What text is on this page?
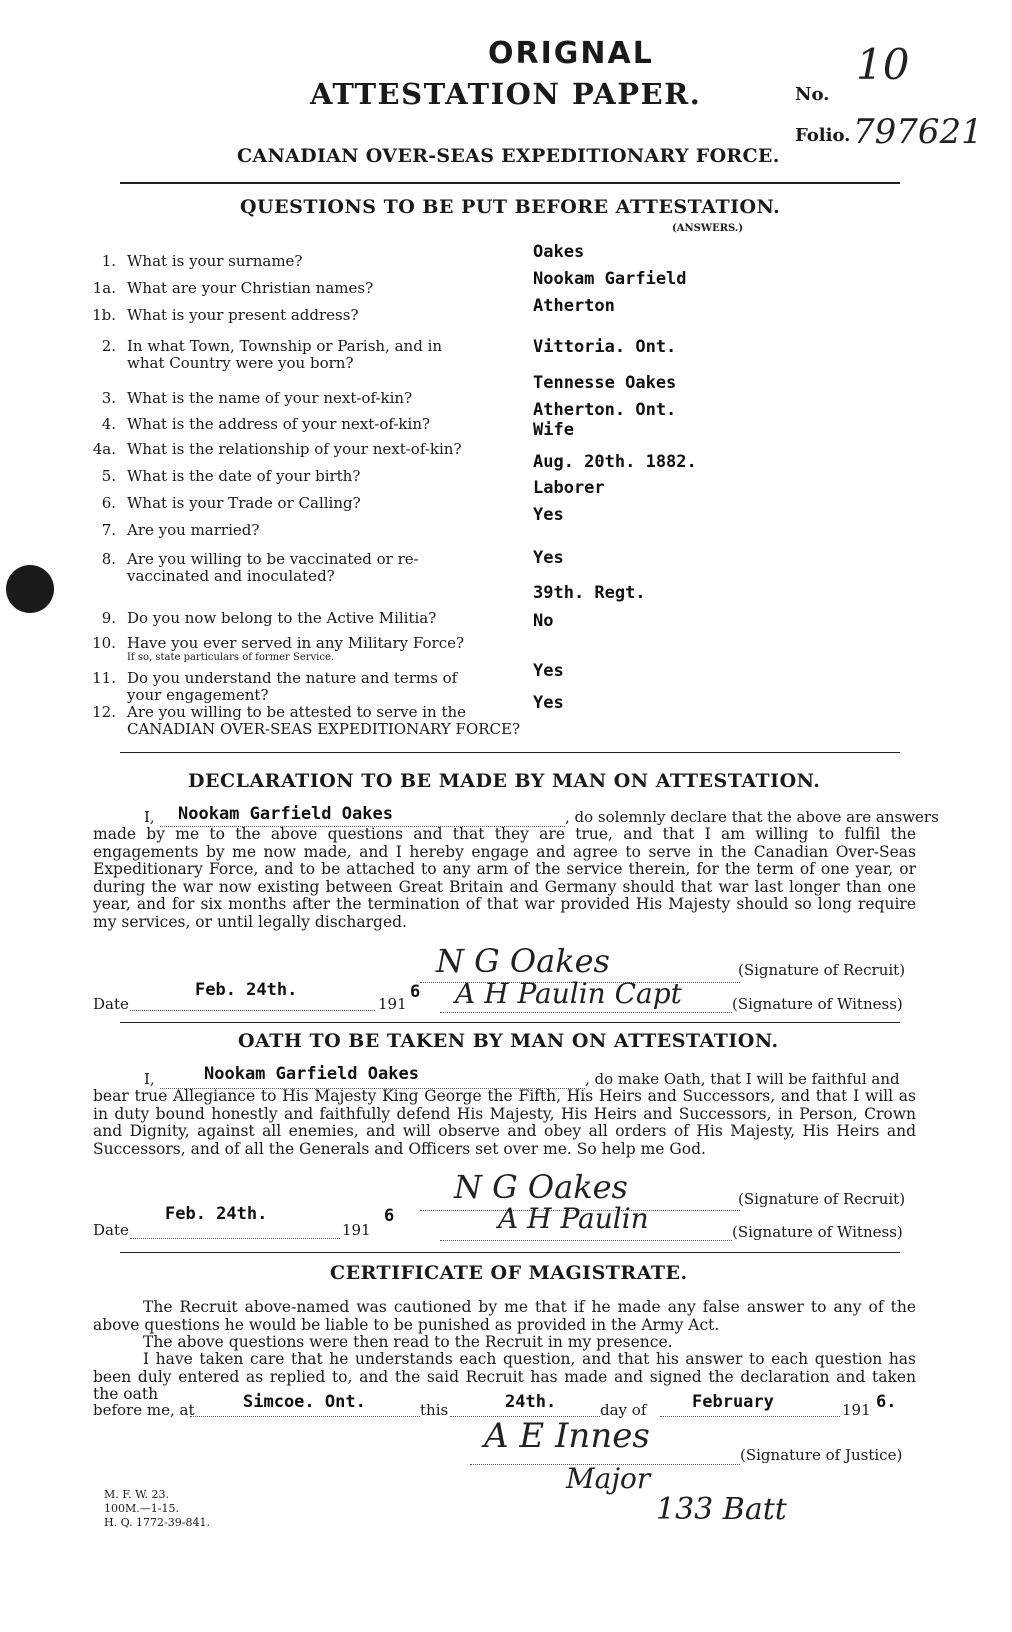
ORIGNAL
ATTESTATION PAPER.
10
No.
Folio. 797621
CANADIAN OVER-SEAS EXPEDITIONARY FORCE.
QUESTIONS TO BE PUT BEFORE ATTESTATION.
(ANSWERS.)
1. What is your surname?	Oakes
1a. What are your Christian names?	Nookam Garfield
1b. What is your present address?	Atherton
2. In what Town, Township or Parish, and in
what Country were you born?
Vittoria. Ont.
3. What is the name of your next-of-kin?
Tennesse Oakes
4. What is the address of your next-of-kin?
Atherton. Ont.
4a. What is the relationship of your next-of-kin?
Wife
5. What is the date of your birth?
Aug. 20th. 1882.
6. What is your Trade or Calling?
Laborer
7. Are you married?
Yes
8. Are you willing to be vaccinated or re-
vaccinated and inoculated?
Yes
9. Do you now belong to the Active Militia?
39th. Regt.
10. Have you ever served in any Military Force?
If so, state particulars of former Service.
No
11. Do you understand the nature and terms of
your engagement?
Yes
12. Are you willing to be attested to serve in the
CANADIAN OVER-SEAS EXPEDITIONARY FORCE?
Yes
DECLARATION TO BE MADE BY MAN ON ATTESTATION.
I, Nookam Garfield Oakes	, do solemnly declare that the above are answers
made by me to the above questions and that they are true, and that I am willing to fulfil the engagements by me now made, and I hereby engage and agree to serve in the Canadian Over-Seas Expeditionary Force, and to be attached to any arm of the service therein, for the term of one year, or during the war now existing between Great Britain and Germany should that war last longer than one year, and for six months after the termination of that war provided His Majesty should so long require my services, or until legally discharged.
N G Oakes	(Signature of Recruit)
Date
Feb. 24th.
191
6 A H Paulin Capt	(Signature of Witness)
OATH TO BE TAKEN BY MAN ON ATTESTATION.
I,	Nookam Garfield Oakes	, do make Oath, that I will be faithful and
bear true Allegiance to His Majesty King George the Fifth, His Heirs and Successors, and that I will as in duty bound honestly and faithfully defend His Majesty, His Heirs and Successors, in Person, Crown and Dignity, against all enemies, and will observe and obey all orders of His Majesty, His Heirs and Successors, and of all the Generals and Officers set over me. So help me God.
N G Oakes	(Signature of Recruit)
Date
Feb. 24th.
191
6	A H Paulin	(Signature of Witness)
CERTIFICATE OF MAGISTRATE.
The Recruit above-named was cautioned by me that if he made any false answer to any of the above questions he would be liable to be punished as provided in the Army Act.
The above questions were then read to the Recruit in my presence.
I have taken care that he understands each question, and that his answer to each question has been duly entered as replied to, and the said Recruit has made and signed the declaration and taken the oath
before me, at	Simcoe. Ont.	this	24th.	day of	February	191 6.
A E Innes	(Signature of Justice)
Major
133 Batt
M. F. W. 23.
100M.—1-15.
H. Q. 1772-39-841.
